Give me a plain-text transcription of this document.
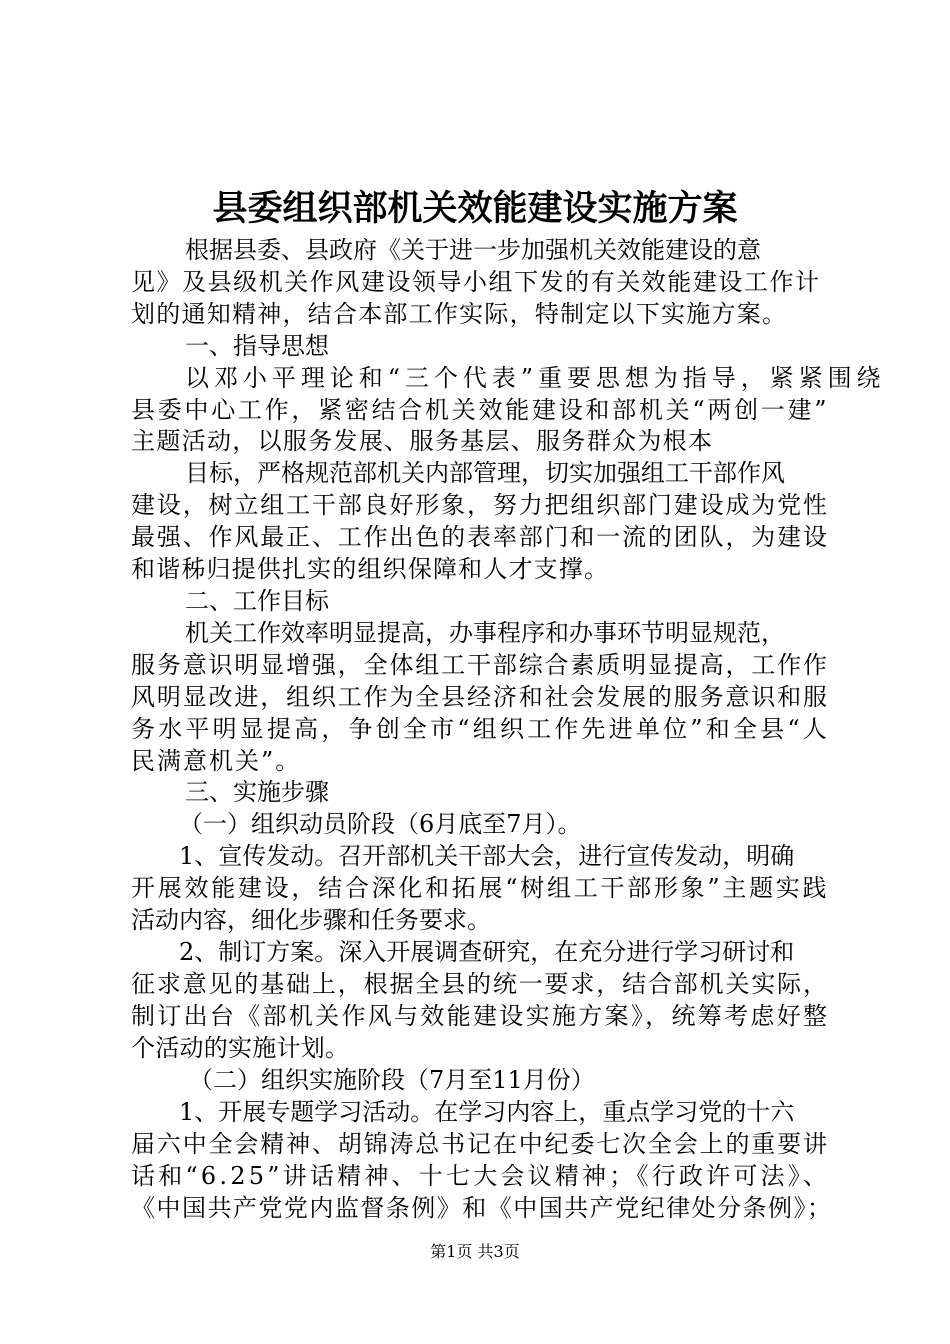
县委组织部机关效能建设实施方案
根据县委、县政府《关于进一步加强机关效能建设的意
见》及县级机关作风建设领导小组下发的有关效能建设工作计
划的通知精神，结合本部工作实际，特制定以下实施方案。
一、指导思想
以邓小平理论和“三个代表”重要思想为指导，紧紧围绕
县委中心工作，紧密结合机关效能建设和部机关“两创一建”
主题活动，以服务发展、服务基层、服务群众为根本
目标，严格规范部机关内部管理，切实加强组工干部作风
建设，树立组工干部良好形象，努力把组织部门建设成为党性
最强、作风最正、工作出色的表率部门和一流的团队，为建设
和谐秭归提供扎实的组织保障和人才支撑。
二、工作目标
机关工作效率明显提高，办事程序和办事环节明显规范，
服务意识明显增强，全体组工干部综合素质明显提高，工作作
风明显改进，组织工作为全县经济和社会发展的服务意识和服
务水平明显提高，争创全市“组织工作先进单位”和全县“人
民满意机关”。
三、实施步骤
（一）组织动员阶段（6月底至7月）。
1、宣传发动。召开部机关干部大会，进行宣传发动，明确
开展效能建设，结合深化和拓展“树组工干部形象”主题实践
活动内容，细化步骤和任务要求。
2、制订方案。深入开展调查研究，在充分进行学习研讨和
征求意见的基础上，根据全县的统一要求，结合部机关实际，
制订出台《部机关作风与效能建设实施方案》，统筹考虑好整
个活动的实施计划。
（二）组织实施阶段（7月至11月份）
1、开展专题学习活动。在学习内容上，重点学习党的十六
届六中全会精神、胡锦涛总书记在中纪委七次全会上的重要讲
话和“6.25”讲话精神、十七大会议精神；《行政许可法》、
《中国共产党党内监督条例》和《中国共产党纪律处分条例》；
第1页 共3页
